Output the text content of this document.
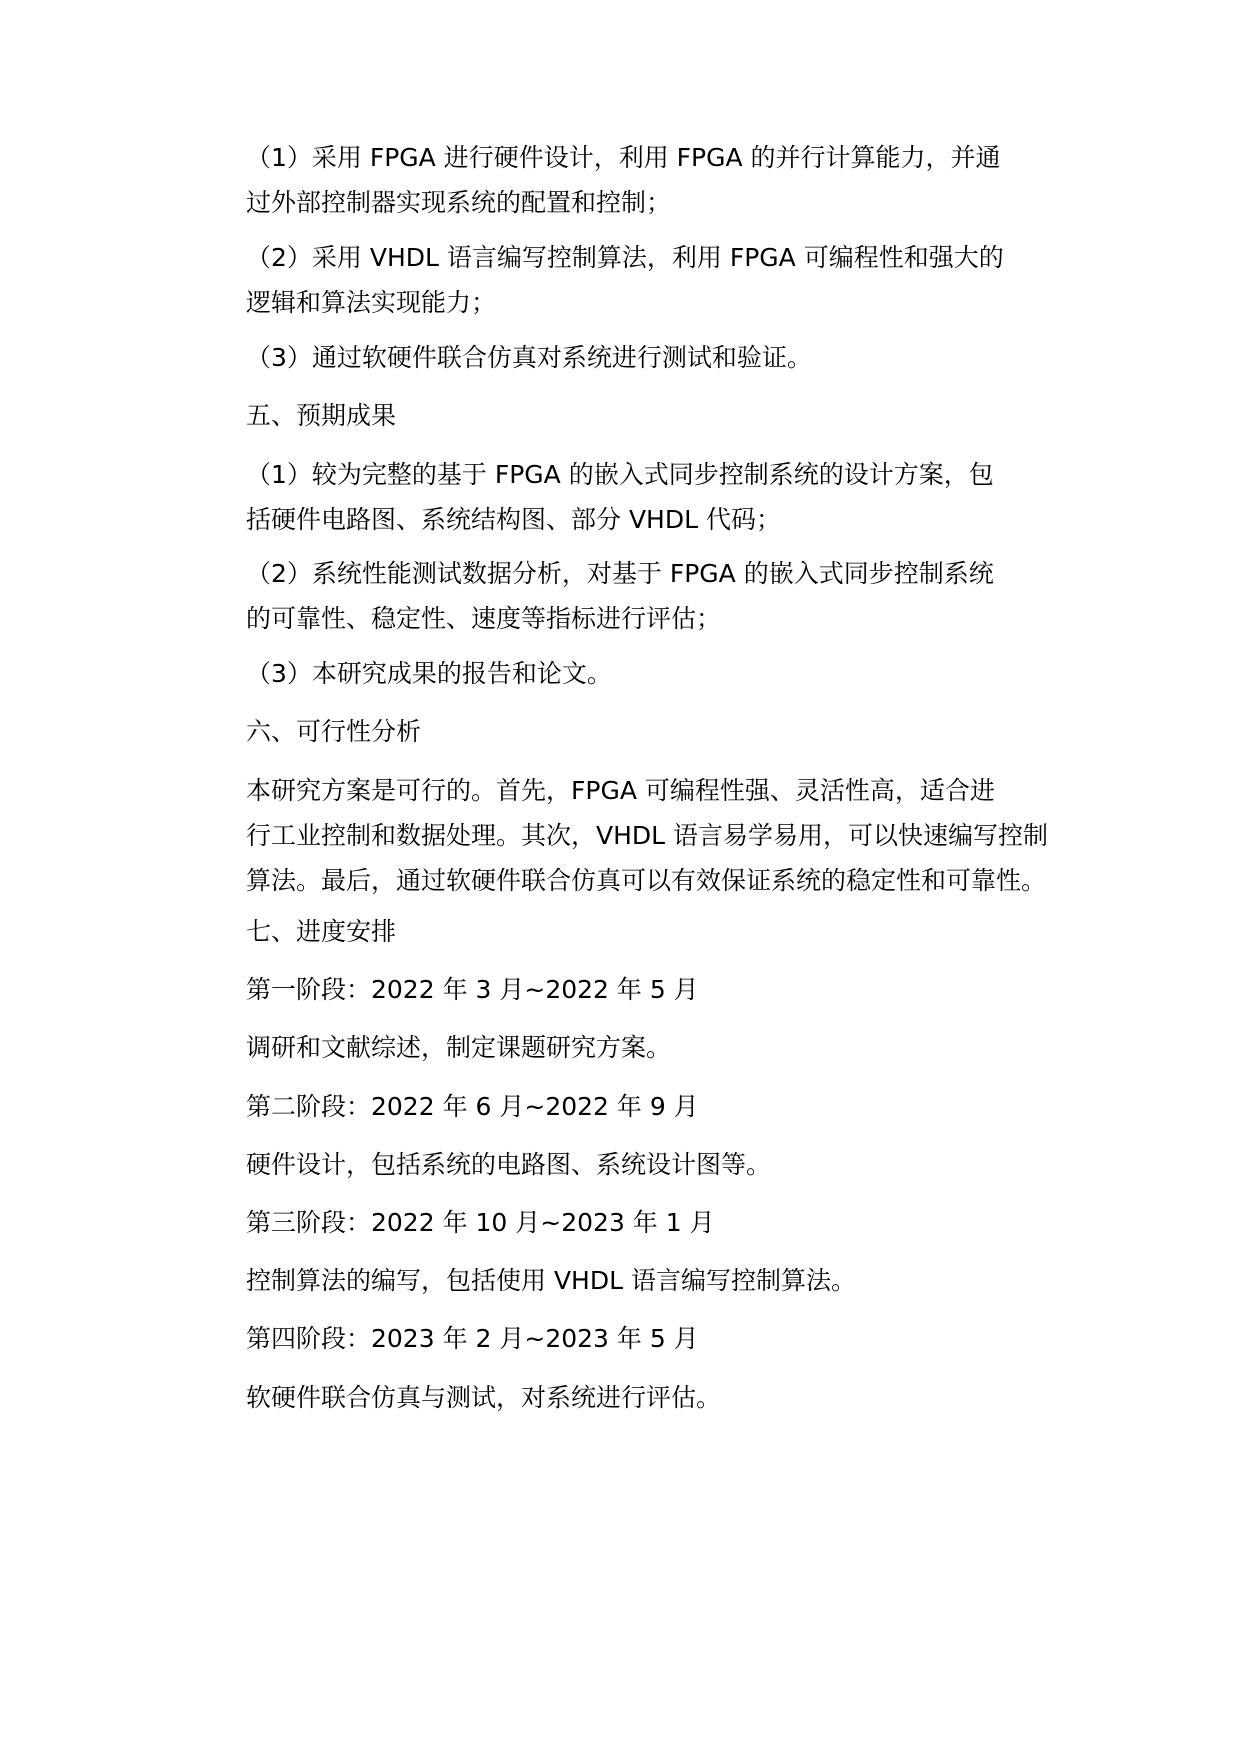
（1）采用 FPGA 进行硬件设计，利用 FPGA 的并行计算能力，并通
过外部控制器实现系统的配置和控制；
（2）采用 VHDL 语言编写控制算法，利用 FPGA 可编程性和强大的
逻辑和算法实现能力；
（3）通过软硬件联合仿真对系统进行测试和验证。
五、预期成果
（1）较为完整的基于 FPGA 的嵌入式同步控制系统的设计方案，包
括硬件电路图、系统结构图、部分 VHDL 代码；
（2）系统性能测试数据分析，对基于 FPGA 的嵌入式同步控制系统
的可靠性、稳定性、速度等指标进行评估；
（3）本研究成果的报告和论文。
六、可行性分析
本研究方案是可行的。首先，FPGA 可编程性强、灵活性高，适合进
行工业控制和数据处理。其次，VHDL 语言易学易用，可以快速编写控制
算法。最后，通过软硬件联合仿真可以有效保证系统的稳定性和可靠性。
七、进度安排
第一阶段：2022 年 3 月~2022 年 5 月
调研和文献综述，制定课题研究方案。
第二阶段：2022 年 6 月~2022 年 9 月
硬件设计，包括系统的电路图、系统设计图等。
第三阶段：2022 年 10 月~2023 年 1 月
控制算法的编写，包括使用 VHDL 语言编写控制算法。
第四阶段：2023 年 2 月~2023 年 5 月
软硬件联合仿真与测试，对系统进行评估。
